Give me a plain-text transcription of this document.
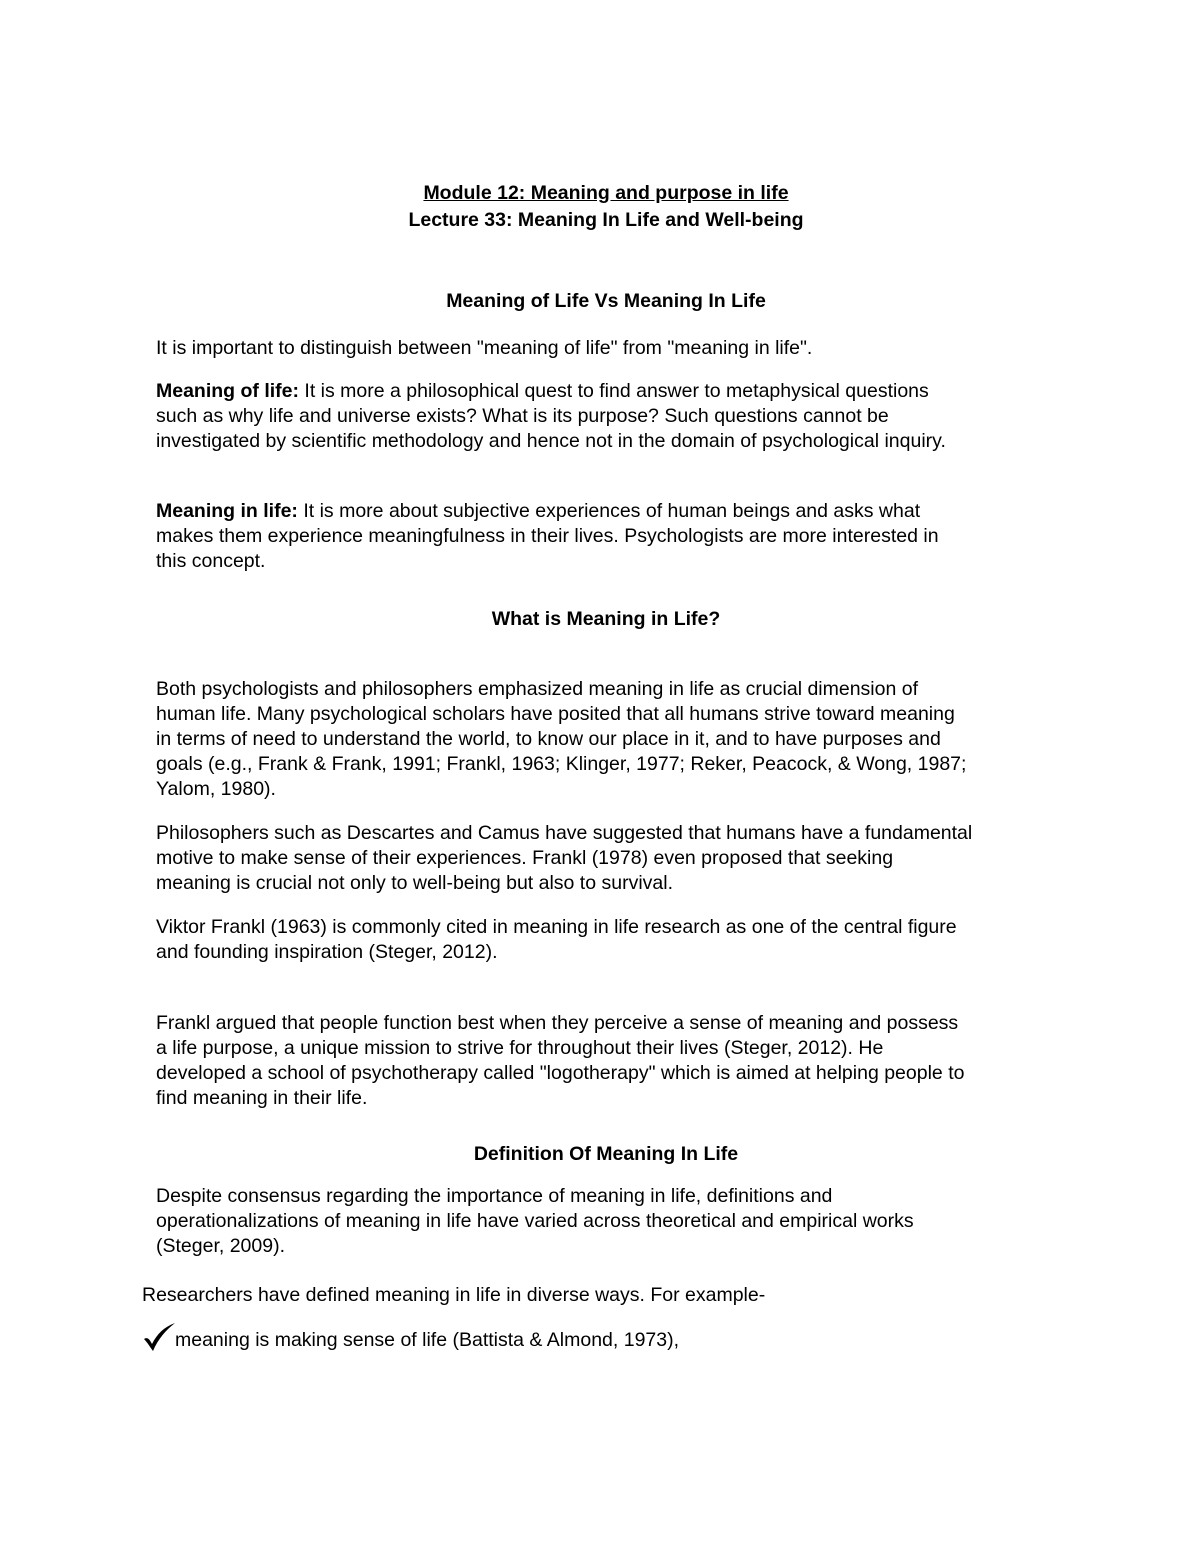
Module 12: Meaning and purpose in life
Lecture 33: Meaning In Life and Well-being
Meaning of Life Vs Meaning In Life

It is important to distinguish between "meaning of life" from "meaning in life".

Meaning of life: It is more a philosophical quest to find answer to metaphysical questions
such as why life and universe exists? What is its purpose? Such questions cannot be
investigated by scientific methodology and hence not in the domain of psychological inquiry.

Meaning in life: It is more about subjective experiences of human beings and asks what
makes them experience meaningfulness in their lives. Psychologists are more interested in
this concept.

What is Meaning in Life?

Both psychologists and philosophers emphasized meaning in life as crucial dimension of
human life. Many psychological scholars have posited that all humans strive toward meaning
in terms of need to understand the world, to know our place in it, and to have purposes and
goals (e.g., Frank & Frank, 1991; Frankl, 1963; Klinger, 1977; Reker, Peacock, & Wong, 1987;
Yalom, 1980).

Philosophers such as Descartes and Camus have suggested that humans have a fundamental
motive to make sense of their experiences. Frankl (1978) even proposed that seeking
meaning is crucial not only to well-being but also to survival.

Viktor Frankl (1963) is commonly cited in meaning in life research as one of the central figure
and founding inspiration (Steger, 2012).

Frankl argued that people function best when they perceive a sense of meaning and possess
a life purpose, a unique mission to strive for throughout their lives (Steger, 2012). He
developed a school of psychotherapy called "logotherapy" which is aimed at helping people to
find meaning in their life.

Definition Of Meaning In Life

Despite consensus regarding the importance of meaning in life, definitions and
operationalizations of meaning in life have varied across theoretical and empirical works
(Steger, 2009).

Researchers have defined meaning in life in diverse ways. For example-

meaning is making sense of life (Battista & Almond, 1973),
